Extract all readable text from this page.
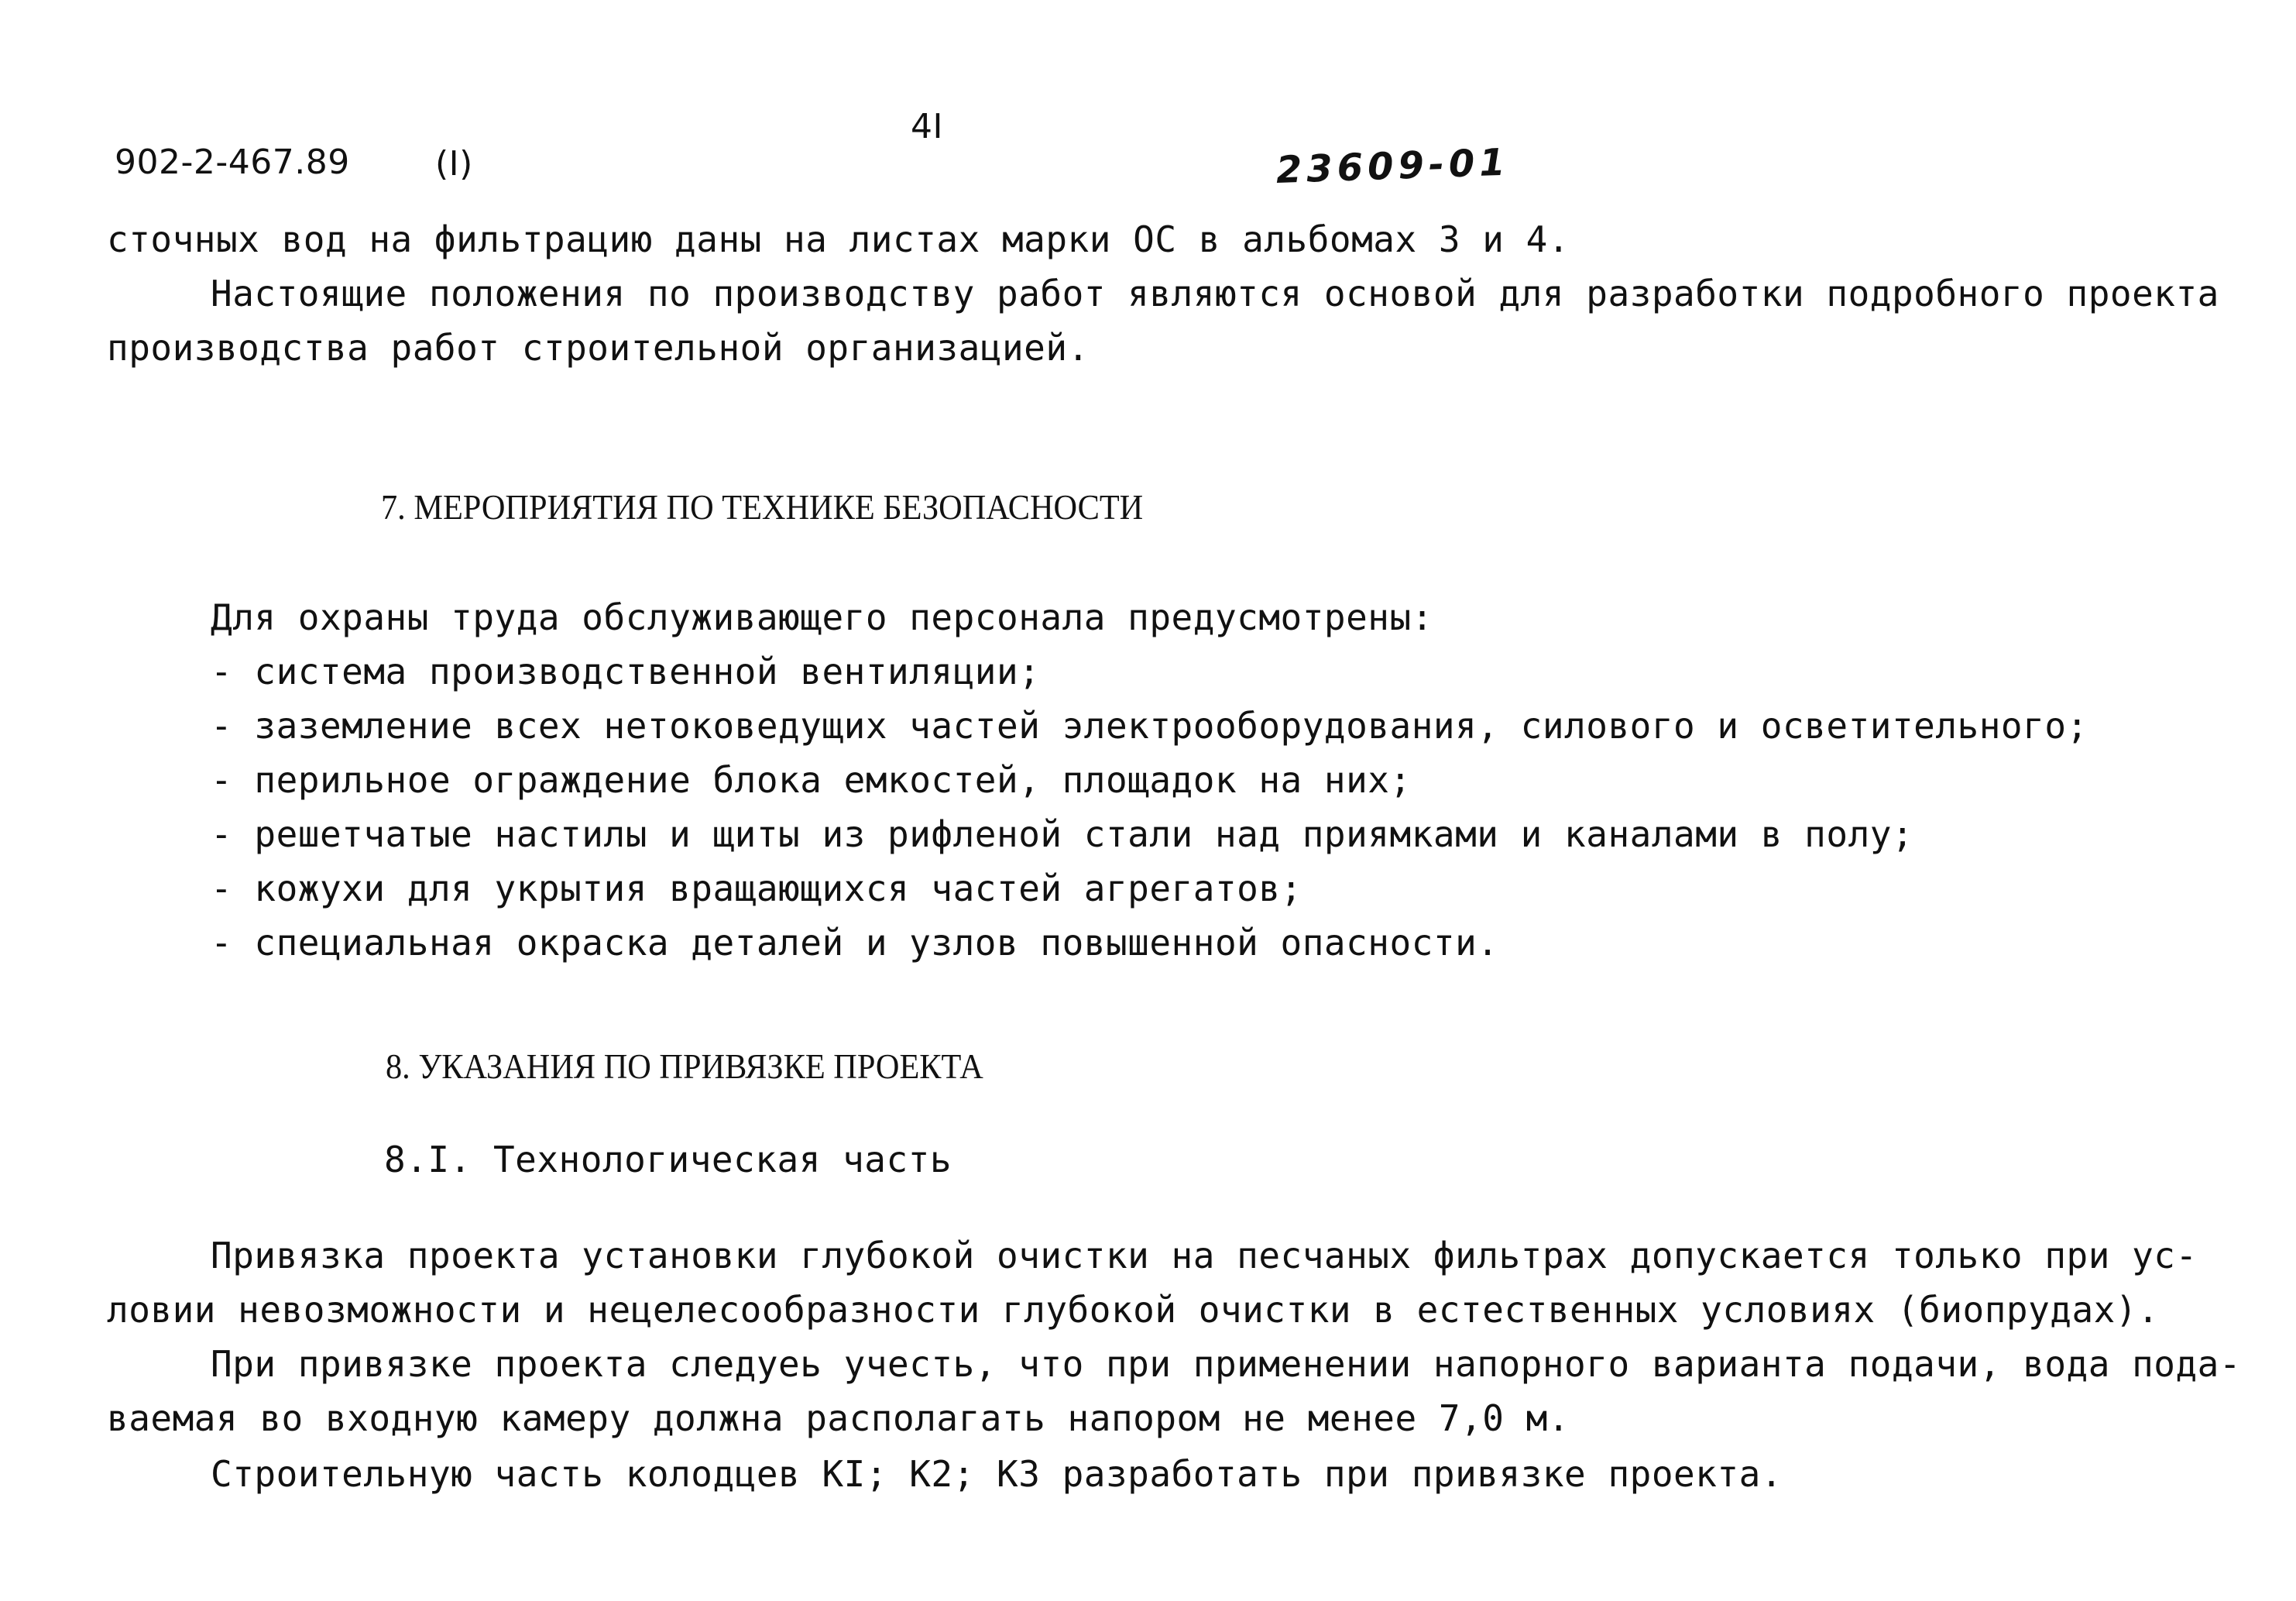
902-2-467.89	(I)
4I
23609-01
сточных вод на фильтрацию даны на листах марки ОС в альбомах 3 и 4.
Настоящие положения по производству работ являются основой для разработки подробного проекта
производства работ строительной организацией.
7. МЕРОПРИЯТИЯ ПО ТЕХНИКЕ БЕЗОПАСНОСТИ
Для охраны труда обслуживающего персонала предусмотрены:
- система производственной вентиляции;
- заземление всех нетоковедущих частей электрооборудования, силового и осветительного;
- перильное ограждение блока емкостей, площадок на них;
- решетчатые настилы и щиты из рифленой стали над приямками и каналами в полу;
- кожухи для укрытия вращающихся частей агрегатов;
- специальная окраска деталей и узлов повышенной опасности.
8. УКАЗАНИЯ ПО ПРИВЯЗКЕ ПРОЕКТА
8.I. Технологическая часть
Привязка проекта установки глубокой очистки на песчаных фильтрах допускается только при ус-
ловии невозможности и нецелесообразности глубокой очистки в естественных условиях (биопрудах).
При привязке проекта следуеь учесть, что при применении напорного варианта подачи, вода пода-
ваемая во входную камеру должна располагать напором не менее 7,0 м.
Строительную часть колодцев КI; К2; К3 разработать при привязке проекта.
